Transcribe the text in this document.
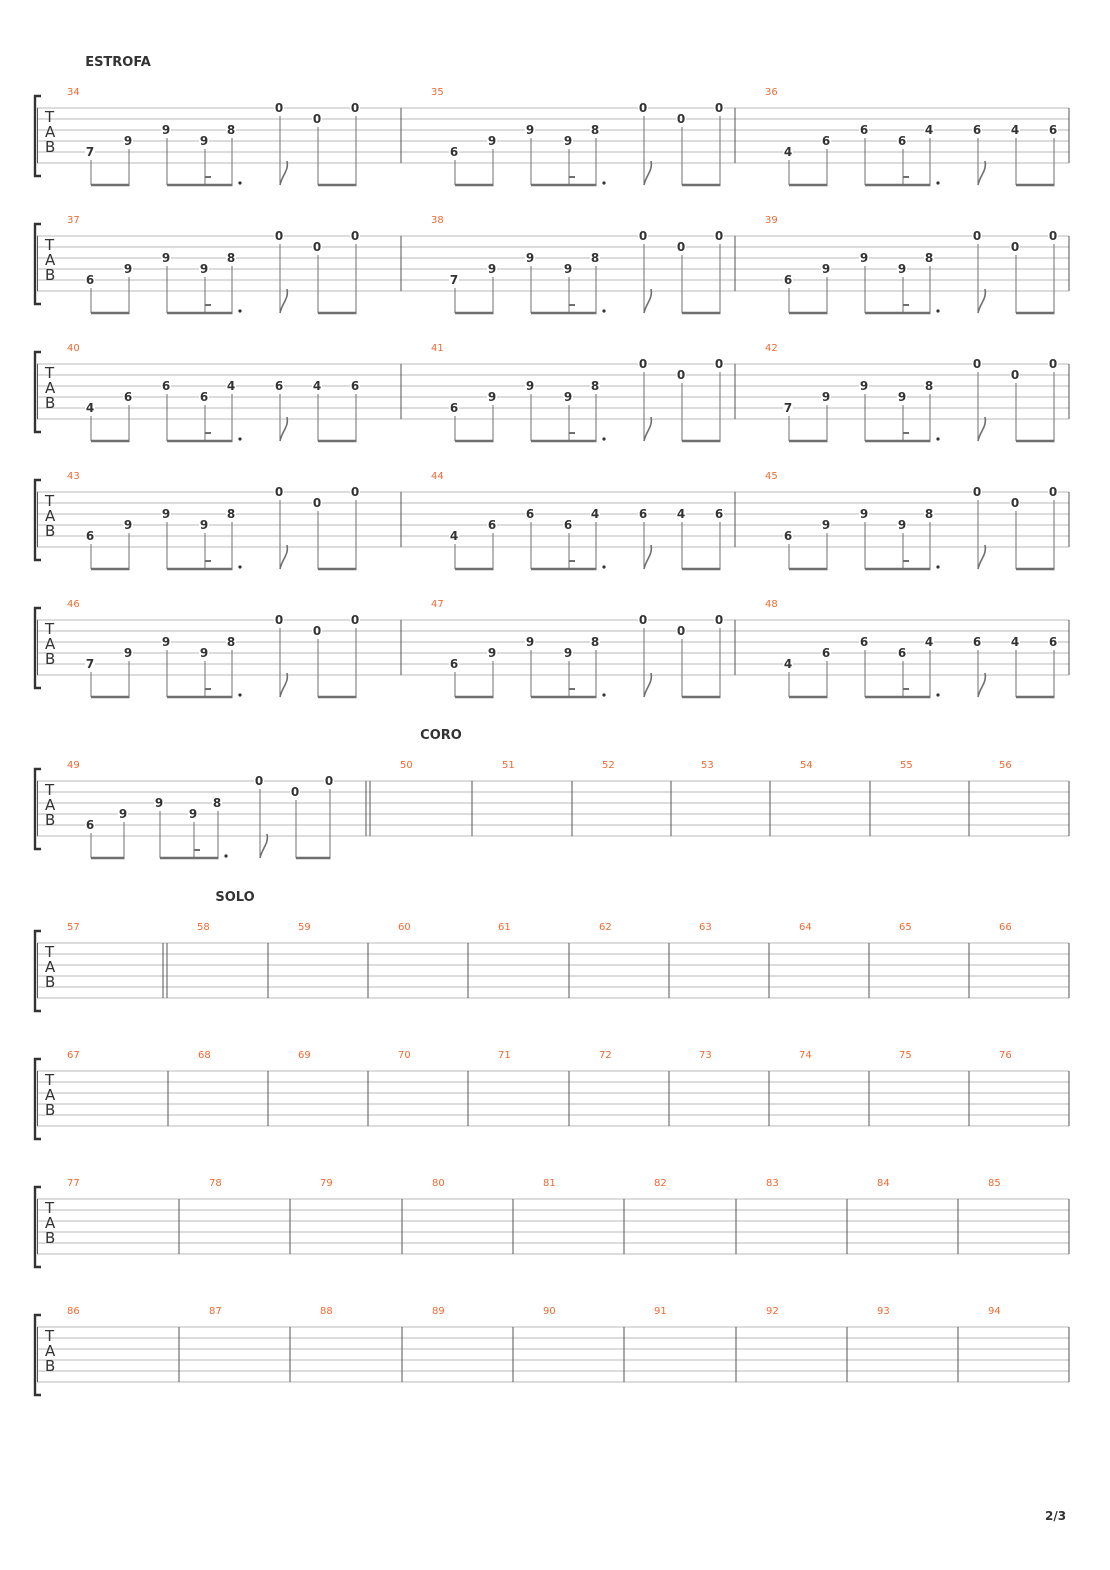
T
A
B
ESTROFA
34
7
9
9
9
8
0
0
0
35
6
9
9
9
8
0
0
0
36
4
6
6
6
4	6 4 6
T
A
B
37
6
9
9
9
8
0
0
0
38
7
9
9
9
8
0
0
0
39
6
9
9
9
8
0
0
0
T
A
B
40
4
6
6
6
4	6 4 6
41
6
9
9
9
8
0
0
0
42
7
9
9
9
8
0
0
0
T
A
B
43
6
9
9
9
8
0
0
0
44
4
6
6
6
4	6 4 6
45
6
9
9
9
8
0
0
0
T
A
B
46
7
9
9
9
8
0
0
0
47
6
9
9
9
8
0
0
0
48
4
6
6
6
4	6 4 6
T
A
B
CORO
49
6
9
9
9
8
0
0
0
50	51	52	53	54	55	56
T
A
B
SOLO
57	58	59	60	61	62	63	64	65	66
T
A
B
67	68	69	70	71	72	73	74	75	76
T
A
B
77	78	79	80	81	82	83	84	85
T
A
B
86	87	88	89	90	91	92	93	94

2/3
